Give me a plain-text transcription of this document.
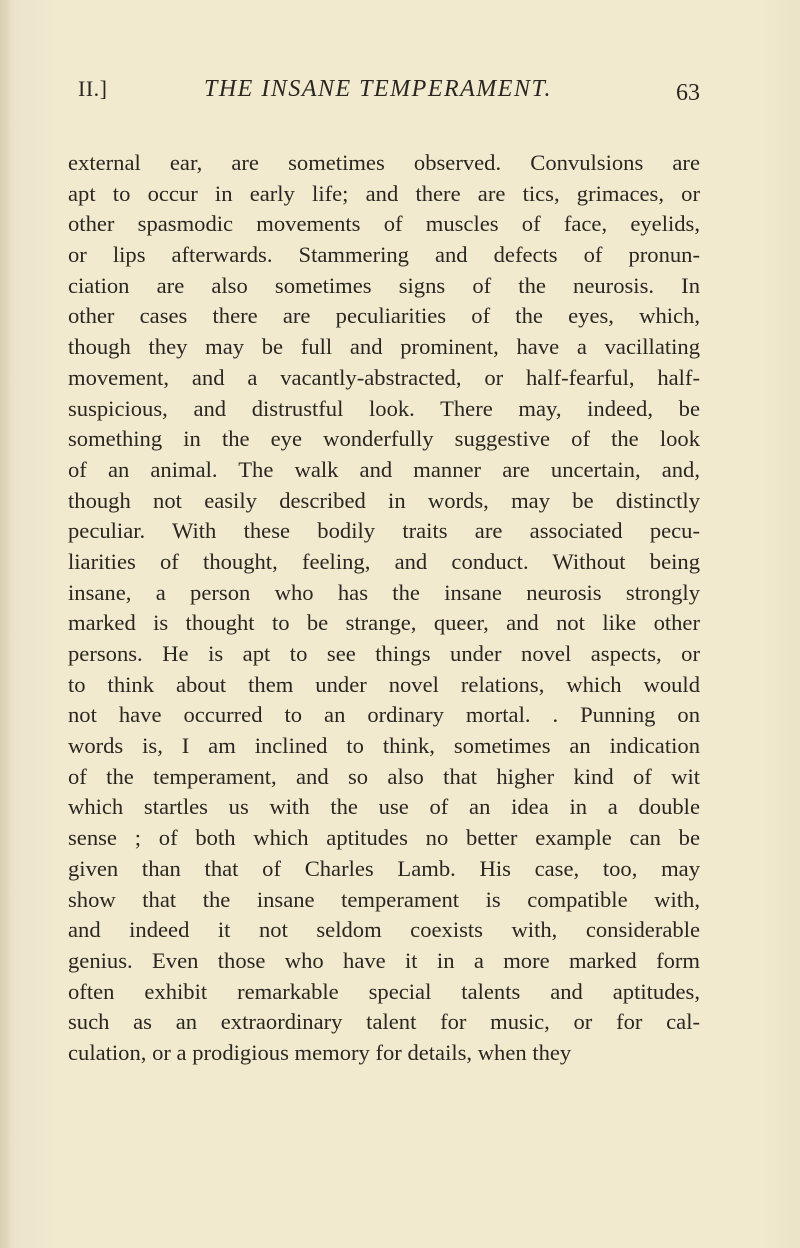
II.]	THE INSANE TEMPERAMENT.	63
external ear, are sometimes observed. Convulsions are
apt to occur in early life; and there are tics, grimaces, or
other spasmodic movements of muscles of face, eyelids,
or lips afterwards. Stammering and defects of pronun-
ciation are also sometimes signs of the neurosis. In
other cases there are peculiarities of the eyes, which,
though they may be full and prominent, have a vacillating
movement, and a vacantly-abstracted, or half-fearful, half-
suspicious, and distrustful look. There may, indeed, be
something in the eye wonderfully suggestive of the look
of an animal. The walk and manner are uncertain, and,
though not easily described in words, may be distinctly
peculiar. With these bodily traits are associated pecu-
liarities of thought, feeling, and conduct. Without being
insane, a person who has the insane neurosis strongly
marked is thought to be strange, queer, and not like other
persons. He is apt to see things under novel aspects, or
to think about them under novel relations, which would
not have occurred to an ordinary mortal. . Punning on
words is, I am inclined to think, sometimes an indication
of the temperament, and so also that higher kind of wit
which startles us with the use of an idea in a double
sense ; of both which aptitudes no better example can be
given than that of Charles Lamb. His case, too, may
show that the insane temperament is compatible with,
and indeed it not seldom coexists with, considerable
genius. Even those who have it in a more marked form
often exhibit remarkable special talents and aptitudes,
such as an extraordinary talent for music, or for cal-
culation, or a prodigious memory for details, when they
